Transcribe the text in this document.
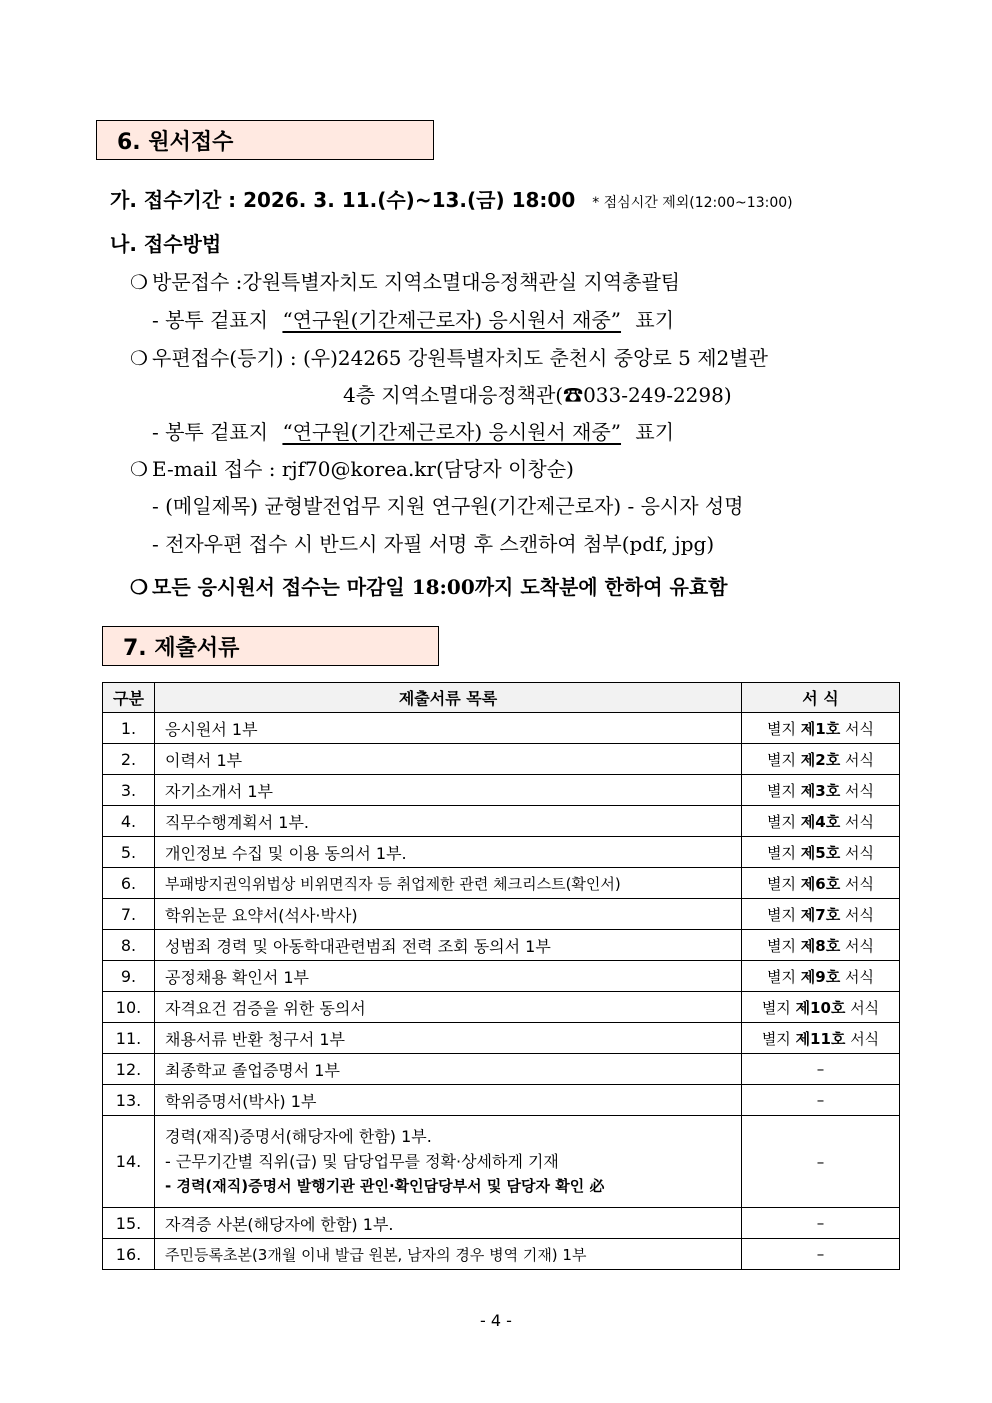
6. 원서접수
가. 접수기간 : 2026. 3. 11.(수)~13.(금) 18:00 * 점심시간 제외(12:00~13:00)
나. 접수방법
❍ 방문접수 :강원특별자치도 지역소멸대응정책관실 지역총괄팀
- 봉투 겉표지 “연구원(기간제근로자) 응시원서 재중” 표기
❍ 우편접수(등기) : (우)24265 강원특별자치도 춘천시 중앙로 5 제2별관
4층 지역소멸대응정책관(☎033-249-2298)
- 봉투 겉표지 “연구원(기간제근로자) 응시원서 재중” 표기
❍ E-mail 접수 : rjf70@korea.kr(담당자 이창순)
- (메일제목) 균형발전업무 지원 연구원(기간제근로자) - 응시자 성명
- 전자우편 접수 시 반드시 자필 서명 후 스캔하여 첨부(pdf, jpg)
❍ 모든 응시원서 접수는 마감일 18:00까지 도착분에 한하여 유효함
7. 제출서류
구분	제출서류 목록	서 식
1.	응시원서 1부	별지 제1호 서식
2.	이력서 1부	별지 제2호 서식
3.	자기소개서 1부	별지 제3호 서식
4.	직무수행계획서 1부.	별지 제4호 서식
5.	개인정보 수집 및 이용 동의서 1부.	별지 제5호 서식
6.	부패방지권익위법상 비위면직자 등 취업제한 관련 체크리스트(확인서)	별지 제6호 서식
7.	학위논문 요약서(석사·박사)	별지 제7호 서식
8.	성범죄 경력 및 아동학대관련범죄 전력 조회 동의서 1부	별지 제8호 서식
9.	공정채용 확인서 1부	별지 제9호 서식
10.	자격요건 검증을 위한 동의서	별지 제10호 서식
11.	채용서류 반환 청구서 1부	별지 제11호 서식
12.	최종학교 졸업증명서 1부	–
13.	학위증명서(박사) 1부	–
14.	경력(재직)증명서(해당자에 한함) 1부.
- 근무기간별 직위(급) 및 담당업무를 정확·상세하게 기재
- 경력(재직)증명서 발행기관 관인·확인담당부서 및 담당자 확인 必	–
15.	자격증 사본(해당자에 한함) 1부.	–
16.	주민등록초본(3개월 이내 발급 원본, 남자의 경우 병역 기재) 1부	–
- 4 -
